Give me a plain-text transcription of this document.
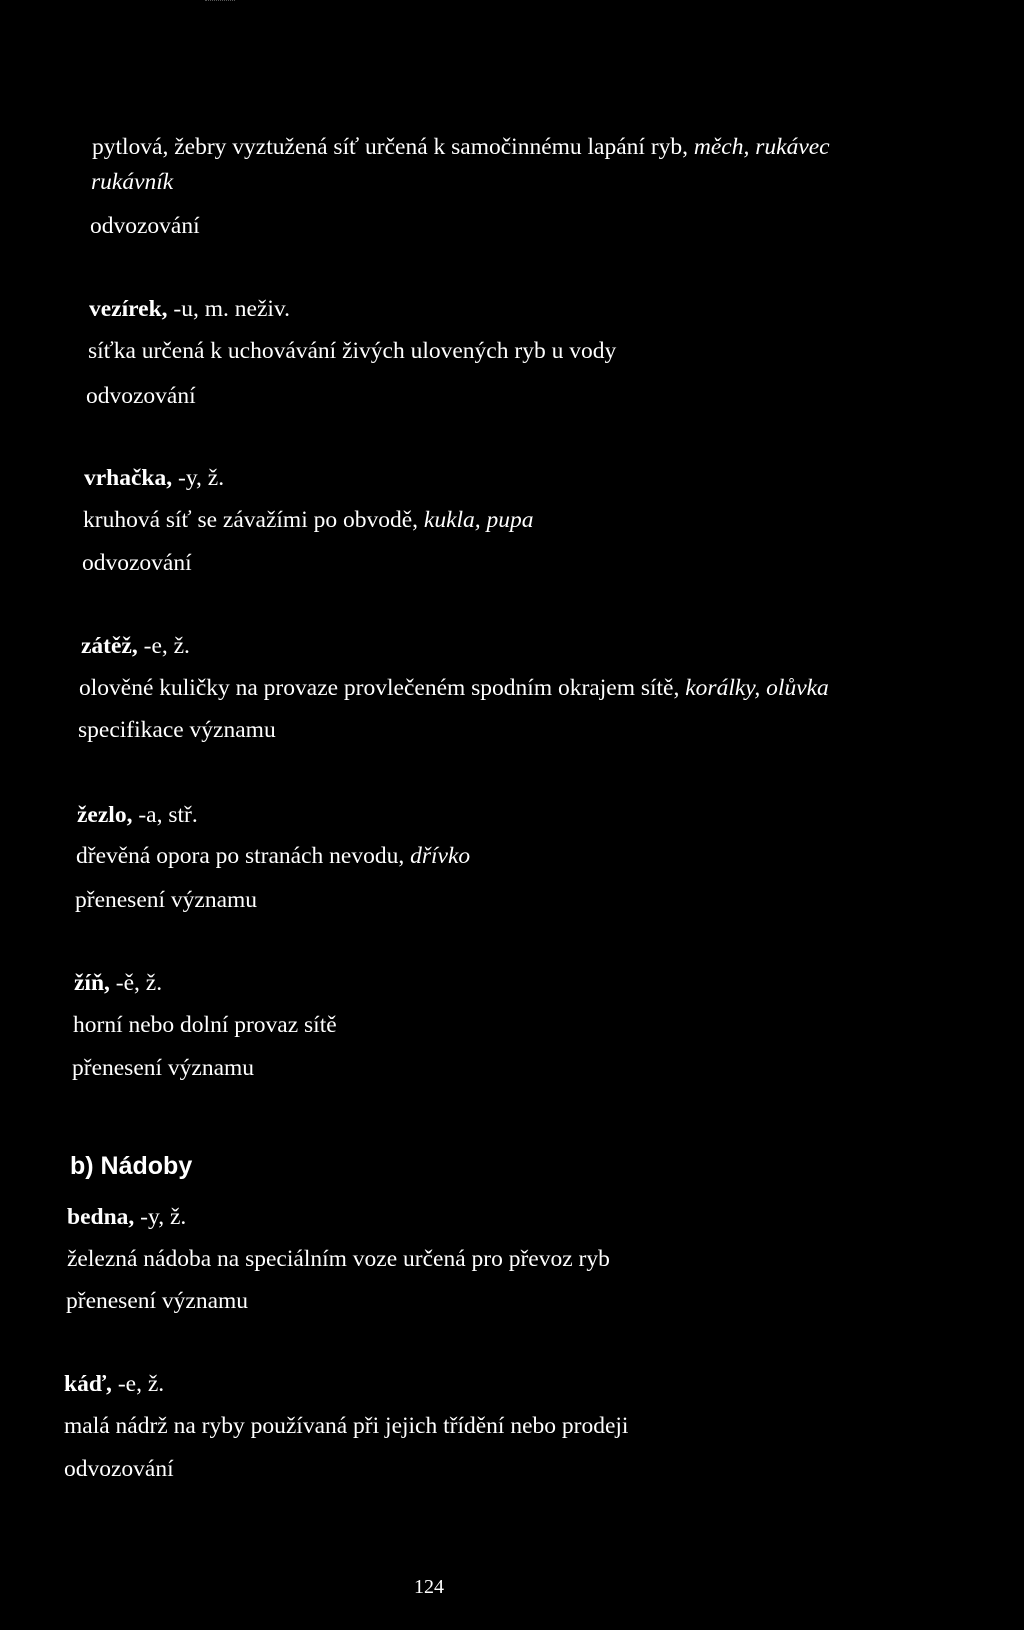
pytlová, žebry vyztužená síť určená k samočinnému lapání ryb, měch, rukávec
rukávník
odvozování
vezírek, -u, m. neživ.
síťka určená k uchovávání živých ulovených ryb u vody
odvozování
vrhačka, -y, ž.
kruhová síť se závažími po obvodě, kukla, pupa
odvozování
zátěž, -e, ž.
olověné kuličky na provaze provlečeném spodním okrajem sítě, korálky, olůvka
specifikace významu
žezlo, -a, stř.
dřevěná opora po stranách nevodu, dřívko
přenesení významu
žíň, -ě, ž.
horní nebo dolní provaz sítě
přenesení významu
b) Nádoby
bedna, -y, ž.
železná nádoba na speciálním voze určená pro převoz ryb
přenesení významu
káď, -e, ž.
malá nádrž na ryby používaná při jejich třídění nebo prodeji
odvozování
124
